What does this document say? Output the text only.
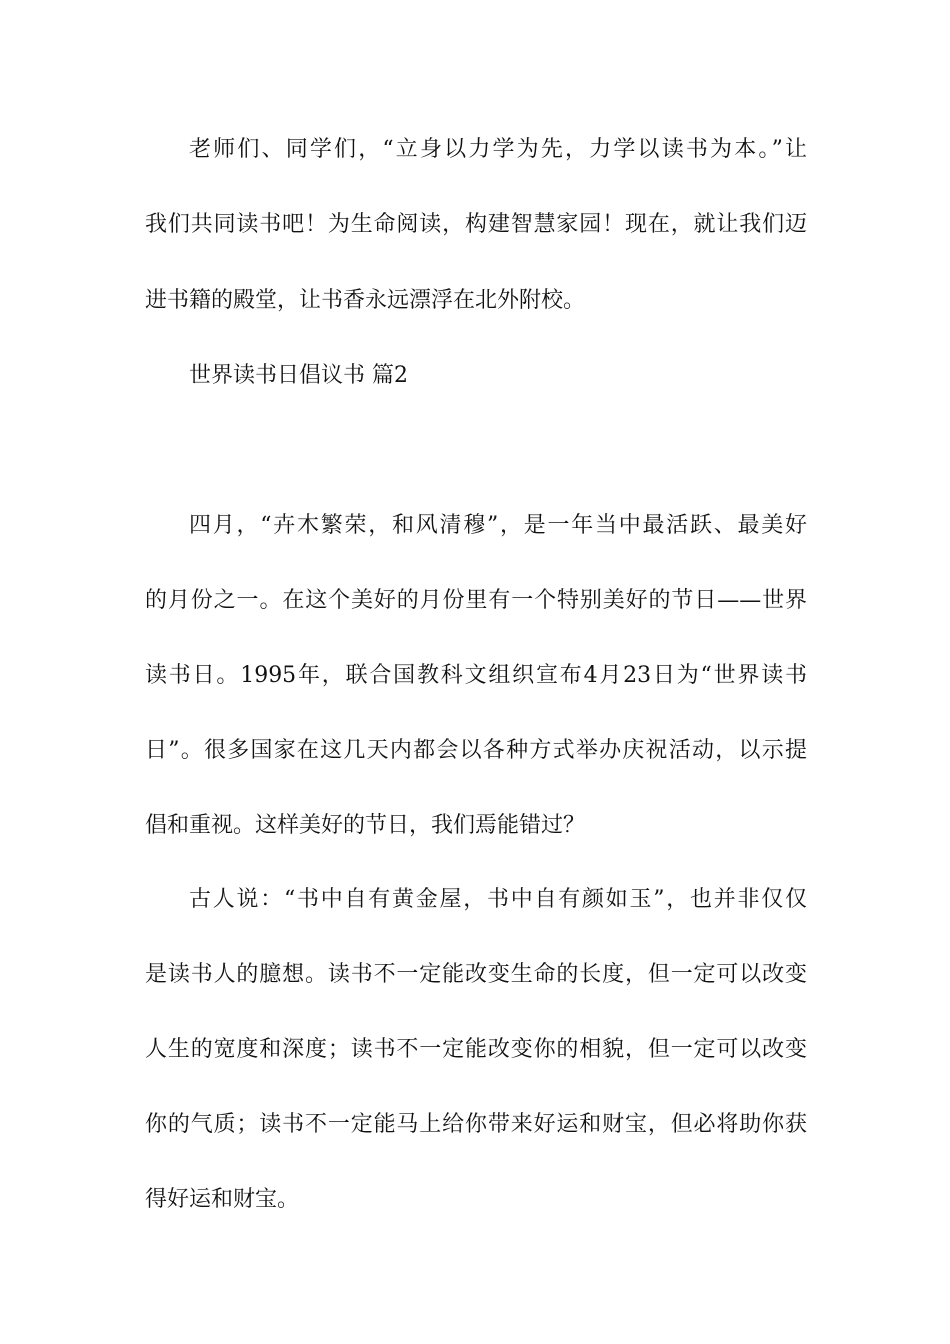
老师们、同学们，“立身以力学为先，力学以读书为本。”让
我们共同读书吧！为生命阅读，构建智慧家园！现在，就让我们迈
进书籍的殿堂，让书香永远漂浮在北外附校。
世界读书日倡议书 篇2
四月，“卉木繁荣，和风清穆”，是一年当中最活跃、最美好
的月份之一。在这个美好的月份里有一个特别美好的节日——世界
读书日。1995年，联合国教科文组织宣布4月23日为“世界读书
日”。很多国家在这几天内都会以各种方式举办庆祝活动，以示提
倡和重视。这样美好的节日，我们焉能错过？
古人说：“书中自有黄金屋，书中自有颜如玉”，也并非仅仅
是读书人的臆想。读书不一定能改变生命的长度，但一定可以改变
人生的宽度和深度；读书不一定能改变你的相貌，但一定可以改变
你的气质；读书不一定能马上给你带来好运和财宝，但必将助你获
得好运和财宝。
